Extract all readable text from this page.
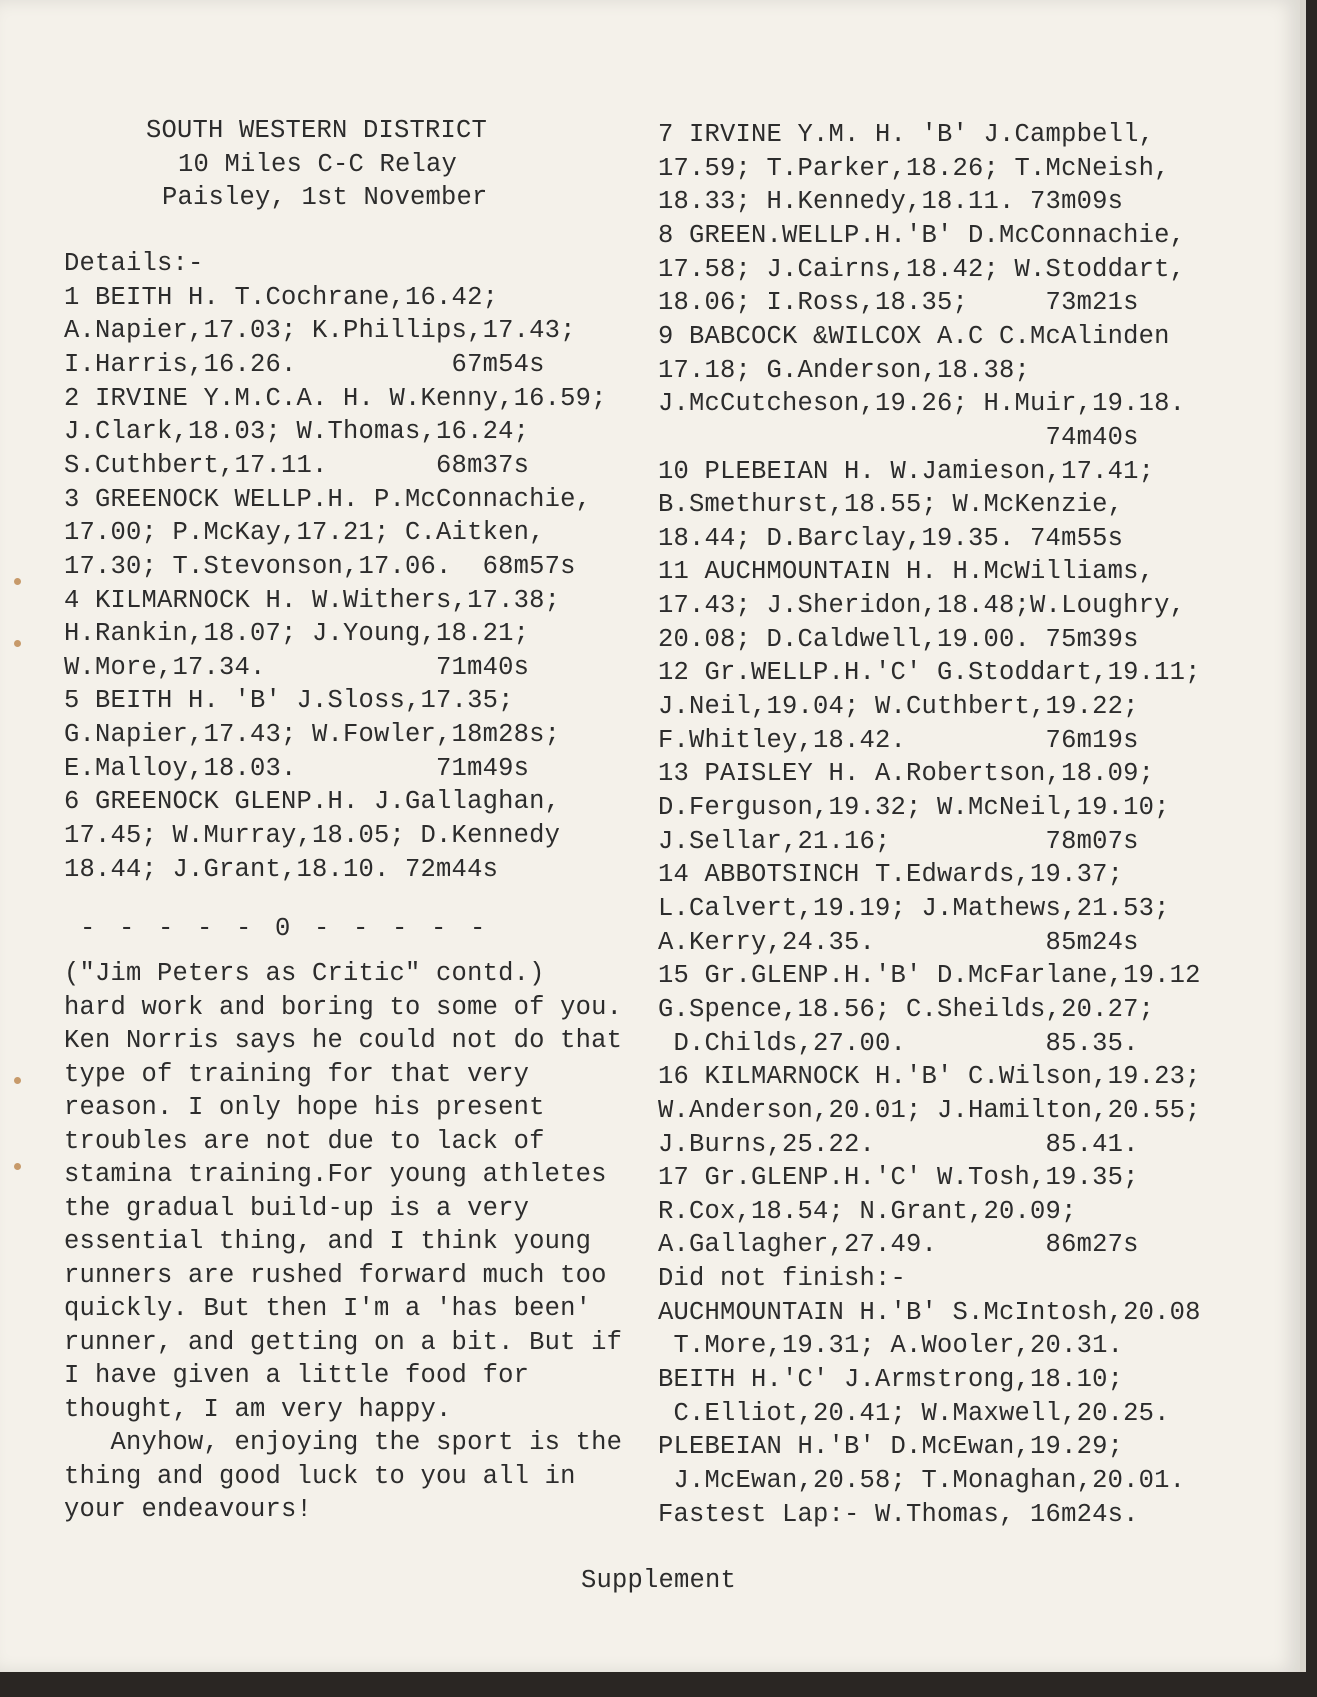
SOUTH WESTERN DISTRICT
10 Miles C-C Relay
Paisley, 1st November
Details:-
1 BEITH H. T.Cochrane,16.42;
A.Napier,17.03; K.Phillips,17.43;
I.Harris,16.26.          67m54s
2 IRVINE Y.M.C.A. H. W.Kenny,16.59;
J.Clark,18.03; W.Thomas,16.24;
S.Cuthbert,17.11.       68m37s
3 GREENOCK WELLP.H. P.McConnachie,
17.00; P.McKay,17.21; C.Aitken,
17.30; T.Stevonson,17.06.  68m57s
4 KILMARNOCK H. W.Withers,17.38;
H.Rankin,18.07; J.Young,18.21;
W.More,17.34.           71m40s
5 BEITH H. 'B' J.Sloss,17.35;
G.Napier,17.43; W.Fowler,18m28s;
E.Malloy,18.03.         71m49s
6 GREENOCK GLENP.H. J.Gallaghan,
17.45; W.Murray,18.05; D.Kennedy
18.44; J.Grant,18.10. 72m44s
- - - - - 0 - - - - -
("Jim Peters as Critic" contd.)
hard work and boring to some of you.
Ken Norris says he could not do that
type of training for that very
reason. I only hope his present
troubles are not due to lack of
stamina training.For young athletes
the gradual build-up is a very
essential thing, and I think young
runners are rushed forward much too
quickly. But then I'm a 'has been'
runner, and getting on a bit. But if
I have given a little food for
thought, I am very happy.
Anyhow, enjoying the sport is the
thing and good luck to you all in
your endeavours!
7 IRVINE Y.M. H. 'B' J.Campbell,
17.59; T.Parker,18.26; T.McNeish,
18.33; H.Kennedy,18.11. 73m09s
8 GREEN.WELLP.H.'B' D.McConnachie,
17.58; J.Cairns,18.42; W.Stoddart,
18.06; I.Ross,18.35;     73m21s
9 BABCOCK &WILCOX A.C C.McAlinden
17.18; G.Anderson,18.38;
J.McCutcheson,19.26; H.Muir,19.18.
74m40s
10 PLEBEIAN H. W.Jamieson,17.41;
B.Smethurst,18.55; W.McKenzie,
18.44; D.Barclay,19.35. 74m55s
11 AUCHMOUNTAIN H. H.McWilliams,
17.43; J.Sheridon,18.48;W.Loughry,
20.08; D.Caldwell,19.00. 75m39s
12 Gr.WELLP.H.'C' G.Stoddart,19.11;
J.Neil,19.04; W.Cuthbert,19.22;
F.Whitley,18.42.         76m19s
13 PAISLEY H. A.Robertson,18.09;
D.Ferguson,19.32; W.McNeil,19.10;
J.Sellar,21.16;          78m07s
14 ABBOTSINCH T.Edwards,19.37;
L.Calvert,19.19; J.Mathews,21.53;
A.Kerry,24.35.           85m24s
15 Gr.GLENP.H.'B' D.McFarlane,19.12
G.Spence,18.56; C.Sheilds,20.27;
D.Childs,27.00.         85.35.
16 KILMARNOCK H.'B' C.Wilson,19.23;
W.Anderson,20.01; J.Hamilton,20.55;
J.Burns,25.22.           85.41.
17 Gr.GLENP.H.'C' W.Tosh,19.35;
R.Cox,18.54; N.Grant,20.09;
A.Gallagher,27.49.       86m27s
Did not finish:-
AUCHMOUNTAIN H.'B' S.McIntosh,20.08
T.More,19.31; A.Wooler,20.31.
BEITH H.'C' J.Armstrong,18.10;
C.Elliot,20.41; W.Maxwell,20.25.
PLEBEIAN H.'B' D.McEwan,19.29;
J.McEwan,20.58; T.Monaghan,20.01.
Fastest Lap:- W.Thomas, 16m24s.
Supplement
